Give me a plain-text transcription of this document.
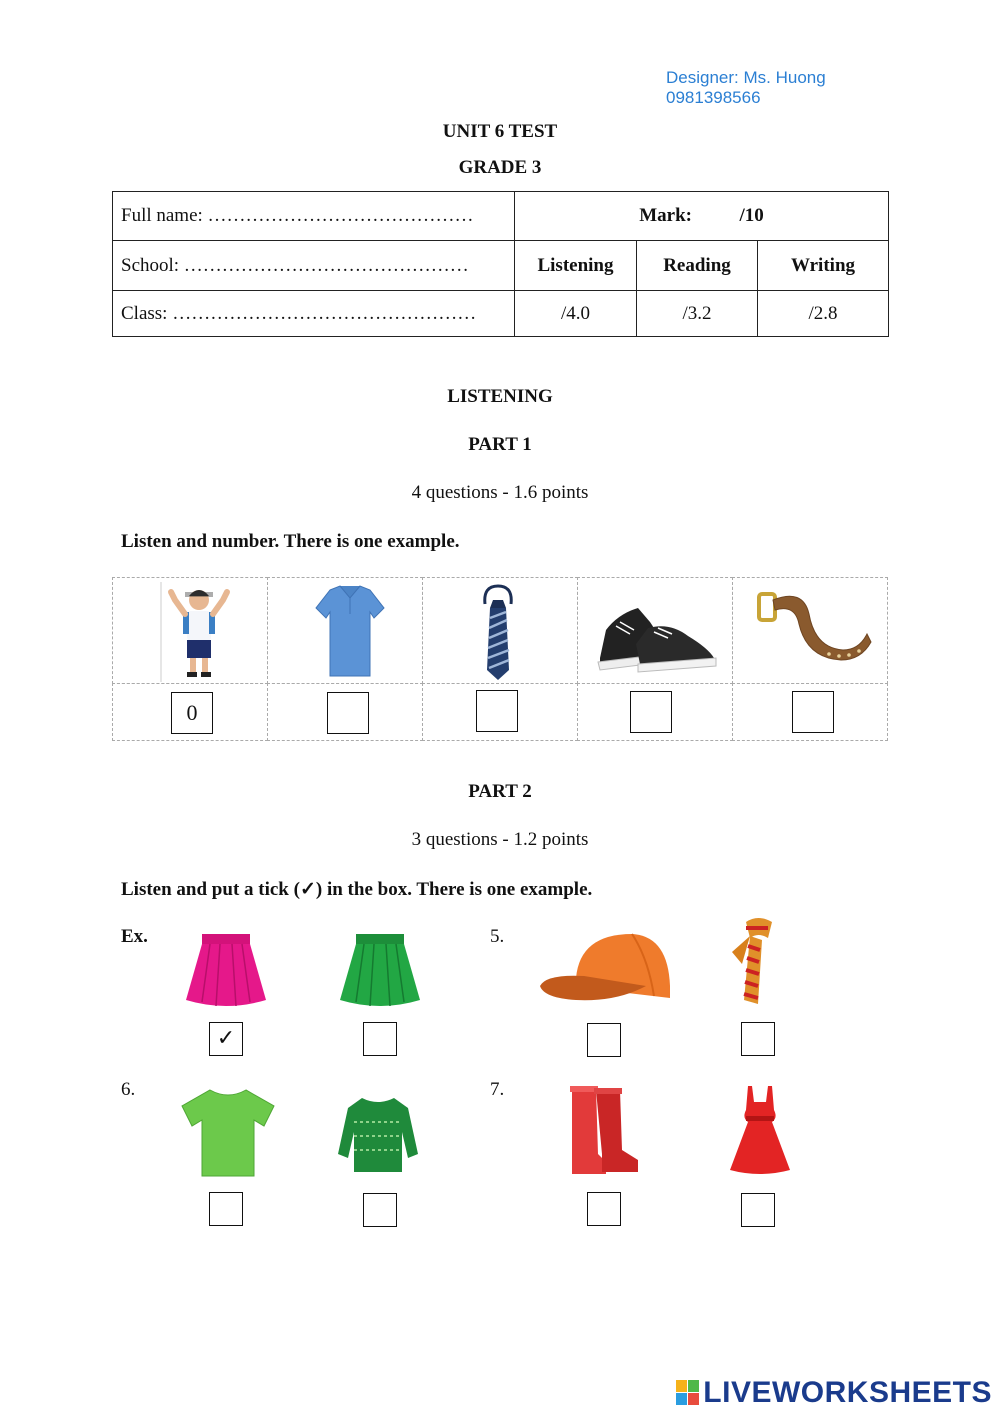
Designer: Ms. Huong
0981398566
UNIT 6 TEST
GRADE 3
Full name: ……………………………………	Mark: /10		
School: ………………………………………	Listening	Reading	Writing
Class: …………………………………………	/4.0	/3.2	/2.8
LISTENING
PART 1
4 questions - 1.6 points
Listen and number. There is one example.
0
PART 2
3 questions - 1.2 points
Listen and put a tick (✓) in the box. There is one example.
Ex.	5.
6.	7.
✓
LIVEWORKSHEETS
